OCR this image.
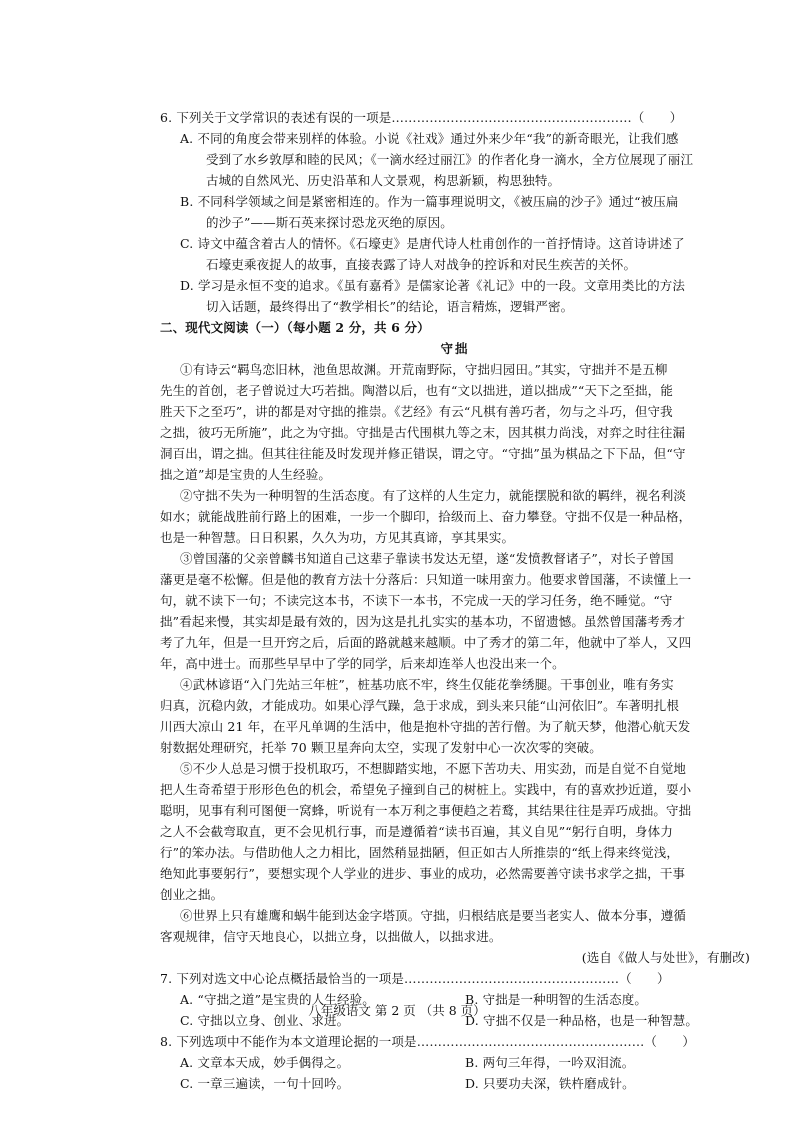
6. 下列关于文学常识的表述有误的一项是…………………………………………………（　　）
A. 不同的角度会带来别样的体验。小说《社戏》通过外来少年“我”的新奇眼光，让我们感
受到了水乡敦厚和睦的民风；《一滴水经过丽江》的作者化身一滴水，全方位展现了丽江
古城的自然风光、历史沿革和人文景观，构思新颖，构思独特。
B. 不同科学领域之间是紧密相连的。作为一篇事理说明文，《被压扁的沙子》通过“被压扁
的沙子”——斯石英来探讨恐龙灭绝的原因。
C. 诗文中蕴含着古人的情怀。《石壕吏》是唐代诗人杜甫创作的一首抒情诗。这首诗讲述了
石壕吏乘夜捉人的故事，直接表露了诗人对战争的控诉和对民生疾苦的关怀。
D. 学习是永恒不变的追求。《虽有嘉肴》是儒家论著《礼记》中的一段。文章用类比的方法
切入话题，最终得出了“教学相长”的结论，语言精炼，逻辑严密。
二、现代文阅读（一）（每小题 2 分，共 6 分）
守拙
①有诗云“羁鸟恋旧林，池鱼思故渊。开荒南野际，守拙归园田。”其实，守拙并不是五柳
先生的首创，老子曾说过大巧若拙。陶潜以后，也有“文以拙进，道以拙成”“天下之至拙，能
胜天下之至巧”，讲的都是对守拙的推崇。《艺经》有云“凡棋有善巧者，勿与之斗巧，但守我
之拙，彼巧无所施”，此之为守拙。守拙是古代围棋九等之末，因其棋力尚浅，对弈之时往往漏
洞百出，谓之拙。但其往往能及时发现并修正错误，谓之守。“守拙”虽为棋品之下下品，但“守
拙之道”却是宝贵的人生经验。
②守拙不失为一种明智的生活态度。有了这样的人生定力，就能摆脱和欲的羁绊，视名利淡
如水；就能战胜前行路上的困难，一步一个脚印，拾级而上、奋力攀登。守拙不仅是一种品格，
也是一种智慧。日日积累，久久为功，方见其真谛，享其果实。
③曾国藩的父亲曾麟书知道自己这辈子靠读书发达无望，遂“发愤教督诸子”，对长子曾国
藩更是毫不松懈。但是他的教育方法十分落后：只知道一味用蛮力。他要求曾国藩，不读懂上一
句，就不读下一句；不读完这本书，不读下一本书，不完成一天的学习任务，绝不睡觉。“守
拙”看起来慢，其实却是最有效的，因为这是扎扎实实的基本功，不留遗憾。虽然曾国藩考秀才
考了九年，但是一旦开窍之后，后面的路就越来越顺。中了秀才的第二年，他就中了举人，又四
年，高中进士。而那些早早中了学的同学，后来却连举人也没出来一个。
④武林谚语“入门先站三年桩”，桩基功底不牢，终生仅能花拳绣腿。干事创业，唯有务实
归真，沉稳内敛，才能成功。如果心浮气躁，急于求成，到头来只能“山河依旧”。车著明扎根
川西大凉山 21 年，在平凡单调的生活中，他是抱朴守拙的苦行僧。为了航天梦，他潜心航天发
射数据处理研究，托举 70 颗卫星奔向太空，实现了发射中心一次次零的突破。
⑤不少人总是习惯于投机取巧，不想脚踏实地，不愿下苦功夫、用实劲，而是自觉不自觉地
把人生奇希望于形形色色的机会，希望免子撞到自己的树桩上。实践中，有的喜欢抄近道，耍小
聪明，见事有利可图便一窝蜂，听说有一本万利之事便趋之若鹜，其结果往往是弄巧成拙。守拙
之人不会截弯取直，更不会见机行事，而是遵循着“读书百遍，其义自见”“躬行自明，身体力
行”的笨办法。与借助他人之力相比，固然稍显拙陋，但正如古人所推崇的“纸上得来终觉浅，
绝知此事要躬行”，要想实现个人学业的进步、事业的成功，必然需要善守读书求学之拙，干事
创业之拙。
⑥世界上只有雄鹰和蜗牛能到达金字塔顶。守拙，归根结底是要当老实人、做本分事，遵循
客观规律，信守天地良心，以拙立身，以拙做人，以拙求进。
(选自《做人与处世》，有删改)
7. 下列对选文中心论点概括最恰当的一项是……………………………………………（　　）
A. “守拙之道”是宝贵的人生经验。	B. 守拙是一种明智的生活态度。
C. 守拙以立身、创业、求进。	D. 守拙不仅是一种品格，也是一种智慧。
8. 下列选项中不能作为本文道理论据的一项是………………………………………………（　　）
A. 文章本天成，妙手偶得之。	B. 两句三年得，一吟双泪流。
C. 一章三遍读，一句十回吟。	D. 只要功夫深，铁杵磨成针。
八年级语文 第 2 页 （共 8 页）
